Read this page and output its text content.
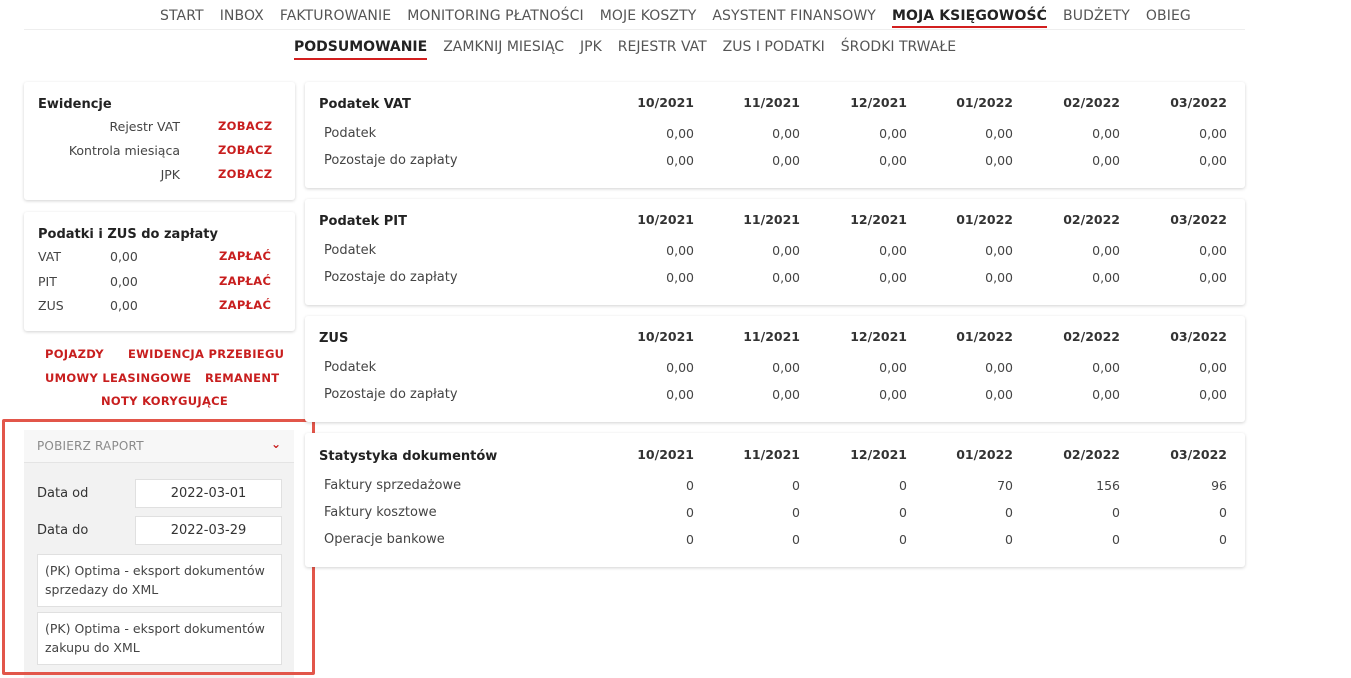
START INBOX FAKTUROWANIE MONITORING PŁATNOŚCI MOJE KOSZTY ASYSTENT FINANSOWY MOJA KSIĘGOWOŚĆ BUDŻETY OBIEG
PODSUMOWANIE ZAMKNIJ MIESIĄC JPK REJESTR VAT ZUS I PODATKI ŚRODKI TRWAŁE
Ewidencje
Rejestr VAT	ZOBACZ
Kontrola miesiąca	ZOBACZ
JPK	ZOBACZ
Podatki i ZUS do zapłaty
VAT	0,00	ZAPŁAĆ
PIT	0,00	ZAPŁAĆ
ZUS	0,00	ZAPŁAĆ
POJAZDY EWIDENCJA PRZEBIEGU
UMOWY LEASINGOWE REMANENT
NOTY KORYGUJĄCE
POBIERZ RAPORT	⌄
Data od	2022-03-01
Data do	2022-03-29
(PK) Optima - eksport dokumentów sprzedazy do XML
(PK) Optima - eksport dokumentów zakupu do XML
Podatek VAT	10/2021	11/2021	12/2021	01/2022	02/2022	03/2022
Podatek	0,00	0,00	0,00	0,00	0,00	0,00
Pozostaje do zapłaty	0,00	0,00	0,00	0,00	0,00	0,00
Podatek PIT	10/2021	11/2021	12/2021	01/2022	02/2022	03/2022
Podatek	0,00	0,00	0,00	0,00	0,00	0,00
Pozostaje do zapłaty	0,00	0,00	0,00	0,00	0,00	0,00
ZUS	10/2021	11/2021	12/2021	01/2022	02/2022	03/2022
Podatek	0,00	0,00	0,00	0,00	0,00	0,00
Pozostaje do zapłaty	0,00	0,00	0,00	0,00	0,00	0,00
Statystyka dokumentów	10/2021	11/2021	12/2021	01/2022	02/2022	03/2022
Faktury sprzedażowe	0	0	0	70	156	96
Faktury kosztowe	0	0	0	0	0	0
Operacje bankowe	0	0	0	0	0	0
